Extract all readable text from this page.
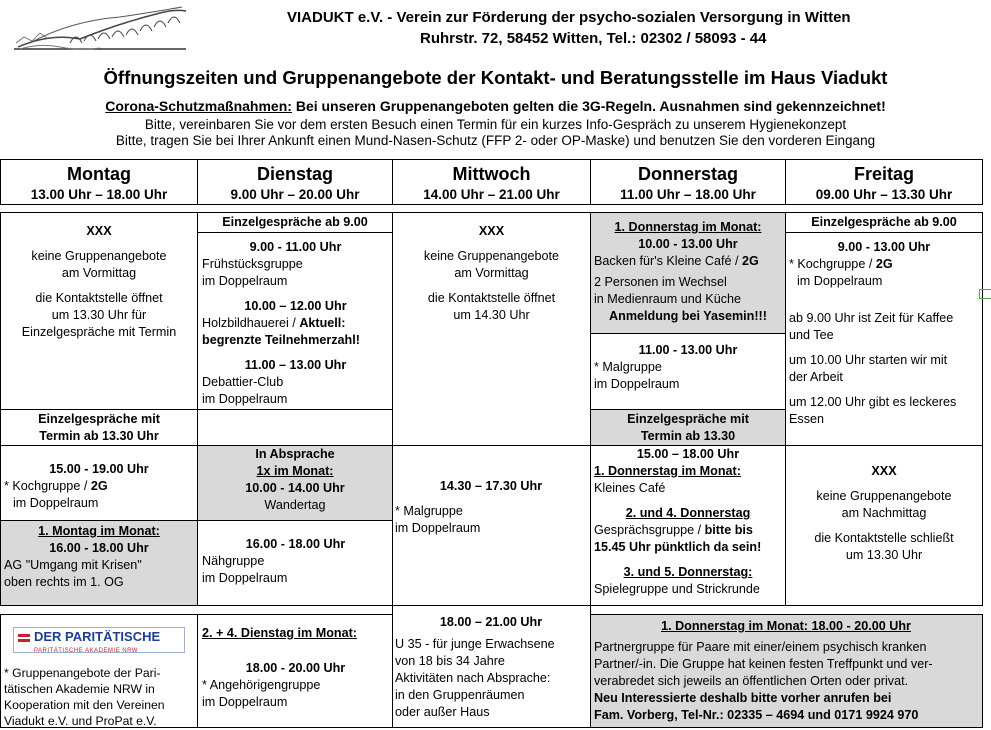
VIADUKT e.V. - Verein zur Förderung der psycho-sozialen Versorgung in Witten
Ruhrstr. 72, 58452 Witten, Tel.: 02302 / 58093 - 44
Öffnungszeiten und Gruppenangebote der Kontakt- und Beratungsstelle im Haus Viadukt
Corona-Schutzmaßnahmen: Bei unseren Gruppenangeboten gelten die 3G-Regeln. Ausnahmen sind gekennzeichnet!
Bitte, vereinbaren Sie vor dem ersten Besuch einen Termin für ein kurzes Info-Gespräch zu unserem Hygienekonzept
Bitte, tragen Sie bei Ihrer Ankunft einen Mund-Nasen-Schutz (FFP 2- oder OP-Maske) und benutzen Sie den vorderen Eingang
Montag
13.00 Uhr – 18.00 Uhr
Dienstag
9.00 Uhr – 20.00 Uhr
Mittwoch
14.00 Uhr – 21.00 Uhr
Donnerstag
11.00 Uhr – 18.00 Uhr
Freitag
09.00 Uhr – 13.30 Uhr
XXX
keine Gruppenangebote
am Vormittag
die Kontaktstelle öffnet
um 13.30 Uhr für
Einzelgespräche mit Termin
Einzelgespräche mit
Termin ab 13.30 Uhr
15.00 - 19.00 Uhr
* Kochgruppe / 2G
im Doppelraum
1. Montag im Monat:
16.00 - 18.00 Uhr
AG "Umgang mit Krisen"
oben rechts im 1. OG
Einzelgespräche ab 9.00
9.00 - 11.00 Uhr
Frühstücksgruppe
im Doppelraum
10.00 – 12.00 Uhr
Holzbildhauerei / Aktuell:
begrenzte Teilnehmerzahl!
11.00 – 13.00 Uhr
Debattier-Club
im Doppelraum
In Absprache
1x im Monat:
10.00 - 14.00 Uhr
Wandertag
16.00 - 18.00 Uhr
Nähgruppe
im Doppelraum
XXX
keine Gruppenangebote
am Vormittag
die Kontaktstelle öffnet
um 14.30 Uhr
14.30 – 17.30 Uhr
* Malgruppe
im Doppelraum
1. Donnerstag im Monat:
10.00 - 13.00 Uhr
Backen für's Kleine Café / 2G
2 Personen im Wechsel
in Medienraum und Küche
Anmeldung bei Yasemin!!!
11.00 - 13.00 Uhr
* Malgruppe
im Doppelraum
Einzelgespräche mit
Termin ab 13.30
15.00 – 18.00 Uhr
1. Donnerstag im Monat:
Kleines Café
2. und 4. Donnerstag
Gesprächsgruppe / bitte bis
15.45 Uhr pünktlich da sein!
3. und 5. Donnerstag:
Spielegruppe und Strickrunde
Einzelgespräche ab 9.00
9.00 - 13.00 Uhr
* Kochgruppe / 2G
im Doppelraum
ab 9.00 Uhr ist Zeit für Kaffee
und Tee
um 10.00 Uhr starten wir mit
der Arbeit
um 12.00 Uhr gibt es leckeres
Essen
XXX
keine Gruppenangebote
am Nachmittag
die Kontaktstelle schließt
um 13.30 Uhr
DER PARITÄTISCHE
PARITÄTISCHE AKADEMIE NRW
* Gruppenangebote der Pari-
tätischen Akademie NRW in
Kooperation mit den Vereinen
Viadukt e.V. und ProPat e.V.
2. + 4. Dienstag im Monat:
18.00 - 20.00 Uhr
* Angehörigengruppe
im Doppelraum
18.00 – 21.00 Uhr
U 35 - für junge Erwachsene
von 18 bis 34 Jahre
Aktivitäten nach Absprache:
in den Gruppenräumen
oder außer Haus
1. Donnerstag im Monat: 18.00 - 20.00 Uhr
Partnergruppe für Paare mit einer/einem psychisch kranken
Partner/-in. Die Gruppe hat keinen festen Treffpunkt und ver-
verabredet sich jeweils an öffentlichen Orten oder privat.
Neu Interessierte deshalb bitte vorher anrufen bei
Fam. Vorberg, Tel-Nr.: 02335 – 4694 und 0171 9924 970
